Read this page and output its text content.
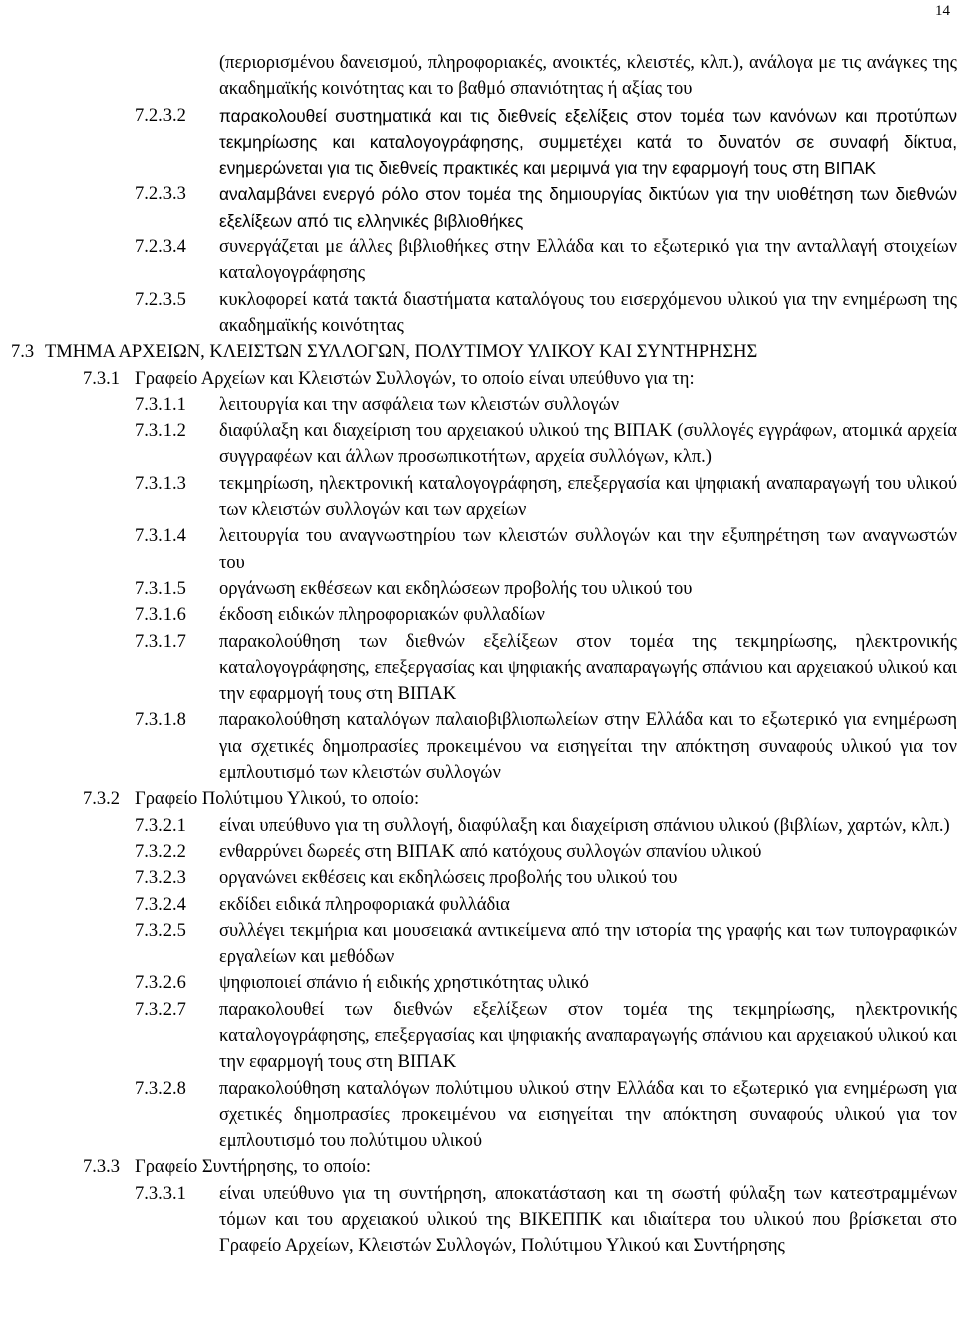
14
(περιορισμένου δανεισμού, πληροφοριακές, ανοικτές, κλειστές, κλπ.), ανάλογα με τις ανάγκες της ακαδημαϊκής κοινότητας και το βαθμό σπανιότητας ή αξίας του
7.2.3.2 παρακολουθεί συστηματικά και τις διεθνείς εξελίξεις στον τομέα των κανόνων και προτύπων τεκμηρίωσης και καταλογογράφησης, συμμετέχει κατά το δυνατόν σε συναφή δίκτυα, ενημερώνεται για τις διεθνείς πρακτικές και μεριμνά για την εφαρμογή τους στη ΒΙΠΑΚ
7.2.3.3 αναλαμβάνει ενεργό ρόλο στον τομέα της δημιουργίας δικτύων για την υιοθέτηση των διεθνών εξελίξεων από τις ελληνικές βιβλιοθήκες
7.2.3.4 συνεργάζεται με άλλες βιβλιοθήκες στην Ελλάδα και το εξωτερικό για την ανταλλαγή στοιχείων καταλογογράφησης
7.2.3.5 κυκλοφορεί κατά τακτά διαστήματα καταλόγους του εισερχόμενου υλικού για την ενημέρωση της ακαδημαϊκής κοινότητας
7.3 ΤΜΗΜΑ ΑΡΧΕΙΩΝ, ΚΛΕΙΣΤΩΝ ΣΥΛΛΟΓΩΝ, ΠΟΛΥΤΙΜΟΥ ΥΛΙΚΟΥ ΚΑΙ ΣΥΝΤΗΡΗΣΗΣ
7.3.1 Γραφείο Αρχείων και Κλειστών Συλλογών, το οποίο είναι υπεύθυνο για τη:
7.3.1.1 λειτουργία και την ασφάλεια των κλειστών συλλογών
7.3.1.2 διαφύλαξη και διαχείριση του αρχειακού υλικού της ΒΙΠΑΚ (συλλογές εγγράφων, ατομικά αρχεία συγγραφέων και άλλων προσωπικοτήτων, αρχεία συλλόγων, κλπ.)
7.3.1.3 τεκμηρίωση, ηλεκτρονική καταλογογράφηση, επεξεργασία και ψηφιακή αναπαραγωγή του υλικού των κλειστών συλλογών και των αρχείων
7.3.1.4 λειτουργία του αναγνωστηρίου των κλειστών συλλογών και την εξυπηρέτηση των αναγνωστών του
7.3.1.5 οργάνωση εκθέσεων και εκδηλώσεων προβολής του υλικού του
7.3.1.6 έκδοση ειδικών πληροφοριακών φυλλαδίων
7.3.1.7 παρακολούθηση των διεθνών εξελίξεων στον τομέα της τεκμηρίωσης, ηλεκτρονικής καταλογογράφησης, επεξεργασίας και ψηφιακής αναπαραγωγής σπάνιου και αρχειακού υλικού και την εφαρμογή τους στη ΒΙΠΑΚ
7.3.1.8 παρακολούθηση καταλόγων παλαιοβιβλιοπωλείων στην Ελλάδα και το εξωτερικό για ενημέρωση για σχετικές δημοπρασίες προκειμένου να εισηγείται την απόκτηση συναφούς υλικού για τον εμπλουτισμό των κλειστών συλλογών
7.3.2 Γραφείο Πολύτιμου Υλικού, το οποίο:
7.3.2.1 είναι υπεύθυνο για τη συλλογή, διαφύλαξη και διαχείριση σπάνιου υλικού (βιβλίων, χαρτών, κλπ.)
7.3.2.2 ενθαρρύνει δωρεές στη ΒΙΠΑΚ από κατόχους συλλογών σπανίου υλικού
7.3.2.3 οργανώνει εκθέσεις και εκδηλώσεις προβολής του υλικού του
7.3.2.4 εκδίδει ειδικά πληροφοριακά φυλλάδια
7.3.2.5 συλλέγει τεκμήρια και μουσειακά αντικείμενα από την ιστορία της γραφής και των τυπογραφικών εργαλείων και μεθόδων
7.3.2.6 ψηφιοποιεί σπάνιο ή ειδικής χρηστικότητας υλικό
7.3.2.7 παρακολουθεί των διεθνών εξελίξεων στον τομέα της τεκμηρίωσης, ηλεκτρονικής καταλογογράφησης, επεξεργασίας και ψηφιακής αναπαραγωγής σπάνιου και αρχειακού υλικού και την εφαρμογή τους στη ΒΙΠΑΚ
7.3.2.8 παρακολούθηση καταλόγων πολύτιμου υλικού στην Ελλάδα και το εξωτερικό για ενημέρωση για σχετικές δημοπρασίες προκειμένου να εισηγείται την απόκτηση συναφούς υλικού για τον εμπλουτισμό του πολύτιμου υλικού
7.3.3 Γραφείο Συντήρησης, το οποίο:
7.3.3.1 είναι υπεύθυνο για τη συντήρηση, αποκατάσταση και τη σωστή φύλαξη των κατεστραμμένων τόμων και του αρχειακού υλικού της ΒΙΚΕΠΠΚ και ιδιαίτερα του υλικού που βρίσκεται στο Γραφείο Αρχείων, Κλειστών Συλλογών, Πολύτιμου Υλικού και Συντήρησης
